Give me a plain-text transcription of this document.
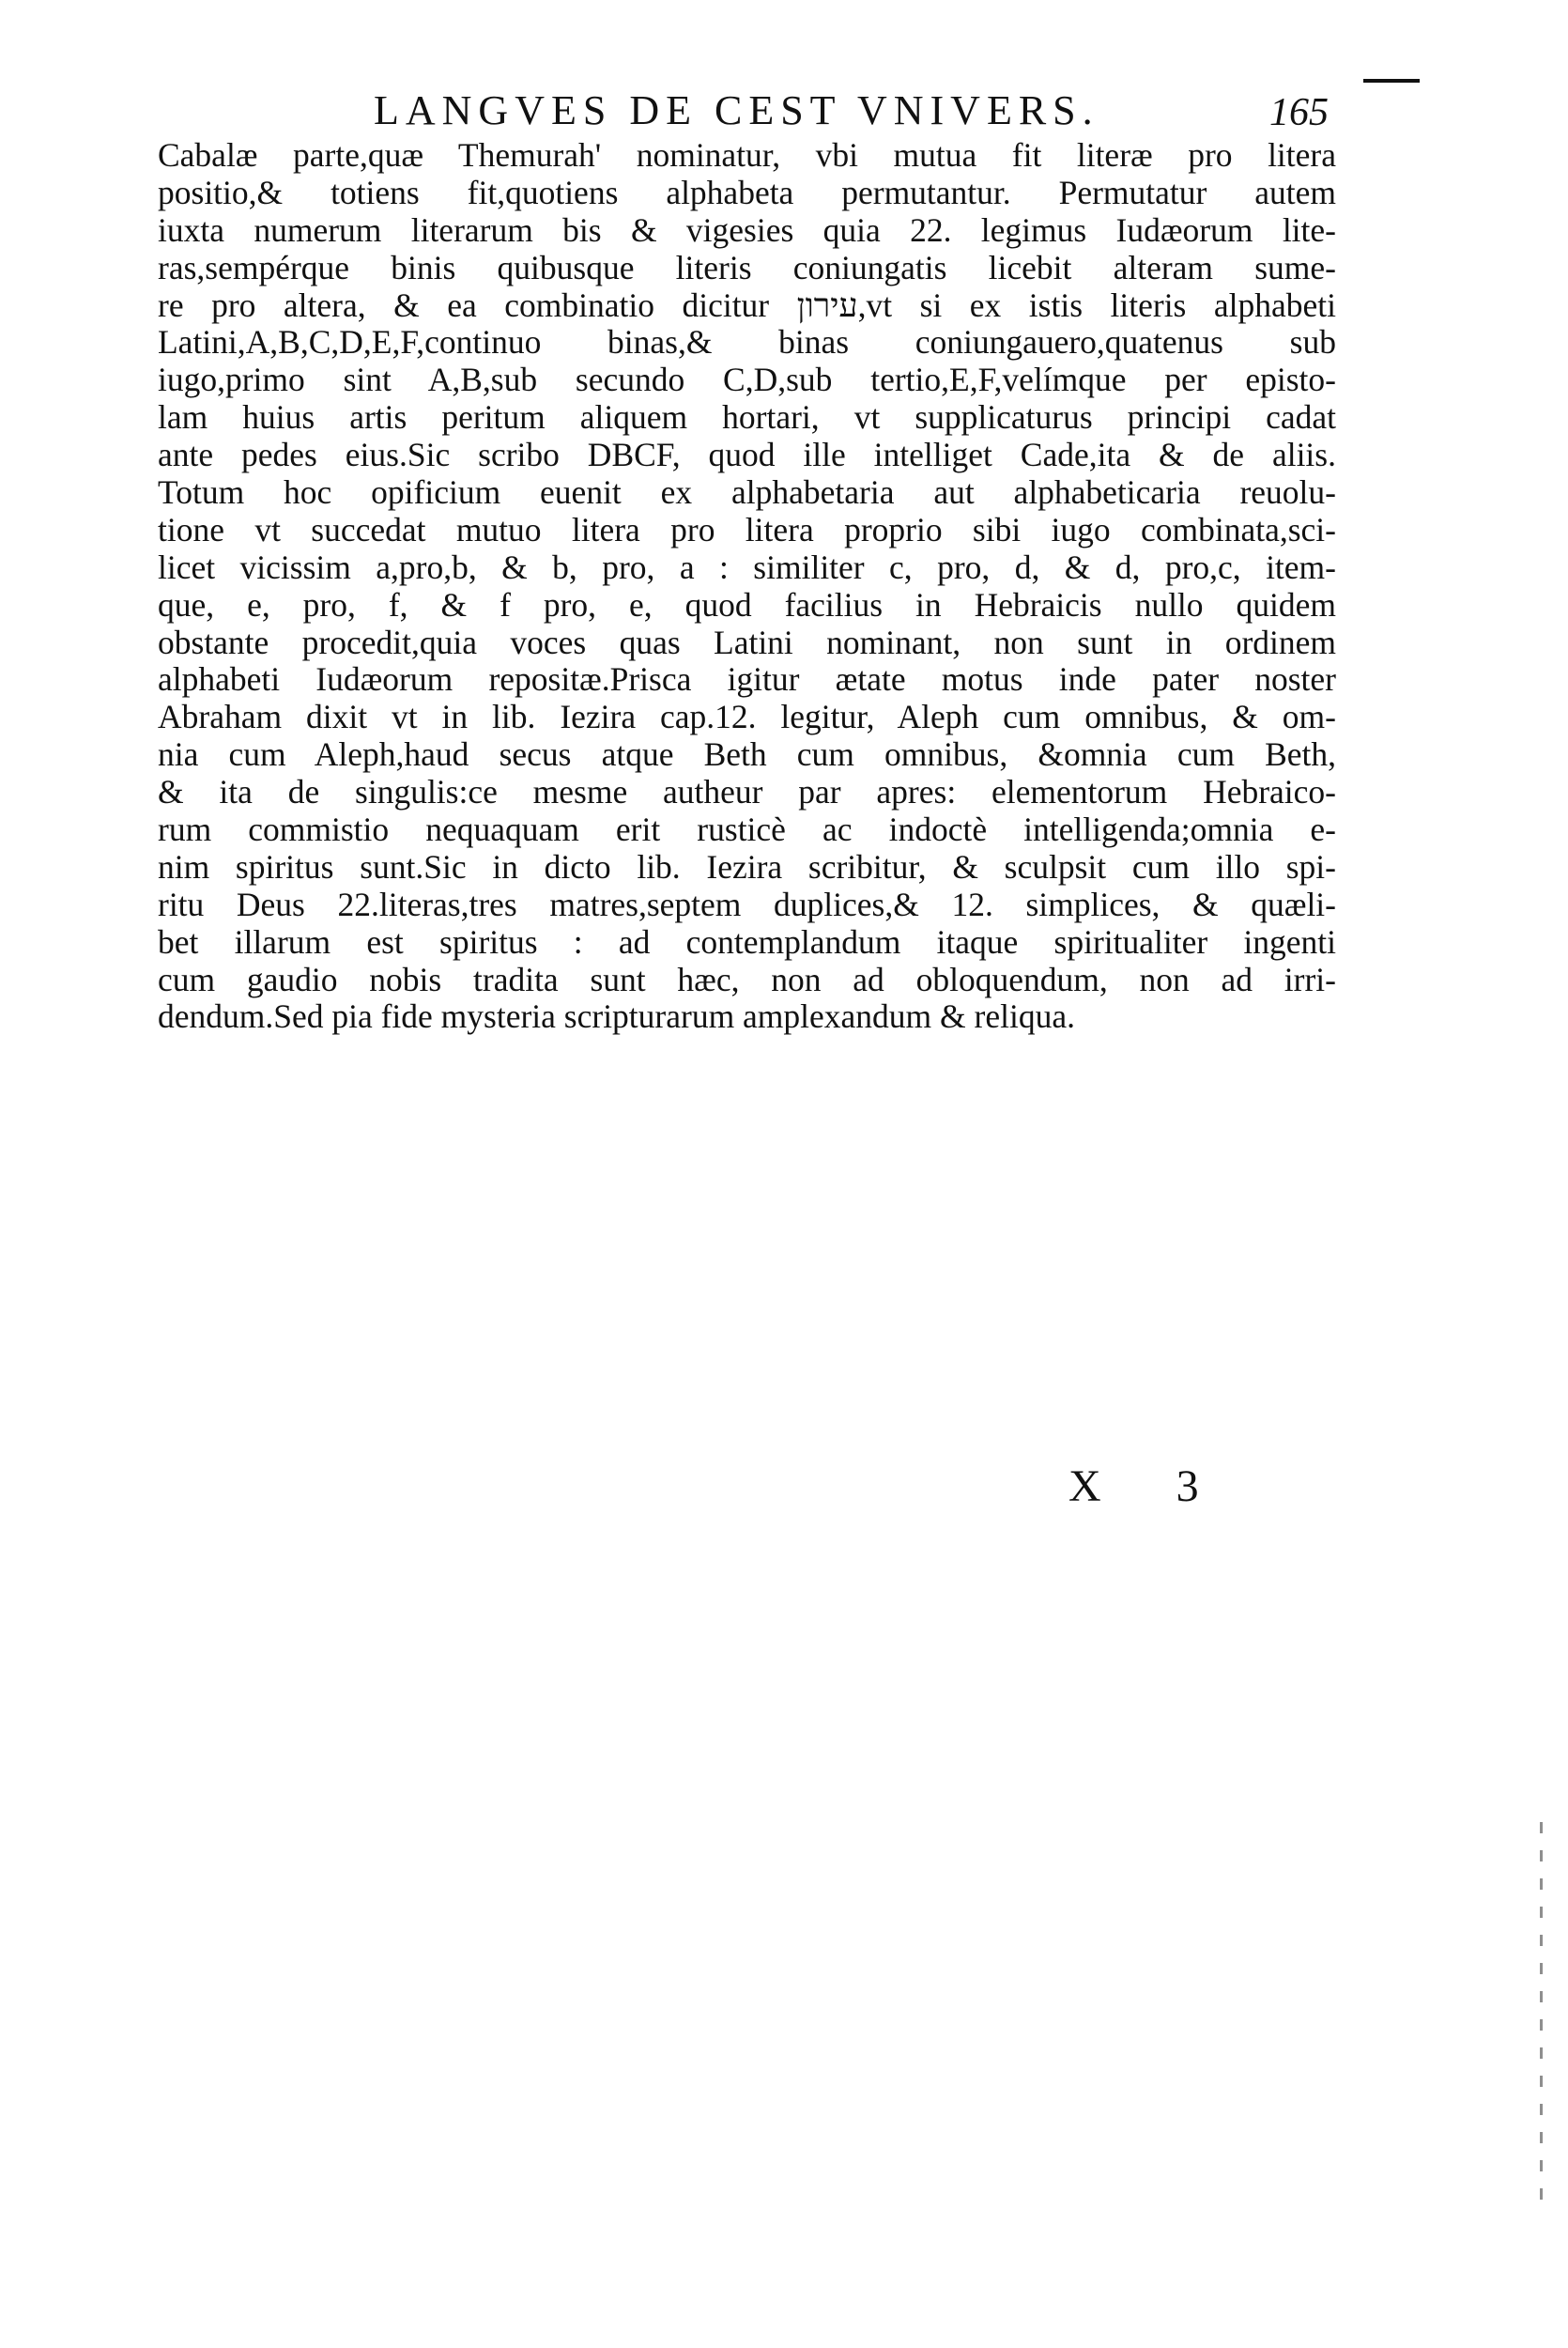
LANGVES DE CEST VNIVERS.	165
Cabalæ parte,quæ Themurah' nominatur, vbi mutua fit literæ pro litera
positio,& totiens fit,quotiens alphabeta permutantur. Permutatur autem
iuxta numerum literarum bis & vigesies quia 22. legimus Iudæorum lite-
ras,sempérque binis quibusque literis coniungatis licebit alteram sume-
re pro altera, & ea combinatio dicitur עירון,vt si ex istis literis alphabeti
Latini,A,B,C,D,E,F,continuo binas,& binas coniungauero,quatenus sub
iugo,primo sint A,B,sub secundo C,D,sub tertio,E,F,velímque per episto-
lam huius artis peritum aliquem hortari, vt supplicaturus principi cadat
ante pedes eius.Sic scribo DBCF, quod ille intelliget Cade,ita & de aliis.
Totum hoc opificium euenit ex alphabetaria aut alphabeticaria reuolu-
tione vt succedat mutuo litera pro litera proprio sibi iugo combinata,sci-
licet vicissim a,pro,b, & b, pro, a : similiter c, pro, d, & d, pro,c, item-
que, e, pro, f, & f pro, e, quod facilius in Hebraicis nullo quidem
obstante procedit,quia voces quas Latini nominant, non sunt in ordinem
alphabeti Iudæorum repositæ.Prisca igitur ætate motus inde pater noster
Abraham dixit vt in lib. Iezira cap.12. legitur, Aleph cum omnibus, & om-
nia cum Aleph,haud secus atque Beth cum omnibus, &omnia cum Beth,
& ita de singulis:ce mesme autheur par apres: elementorum Hebraico-
rum commistio nequaquam erit rusticè ac indoctè intelligenda;omnia e-
nim spiritus sunt.Sic in dicto lib. Iezira scribitur, & sculpsit cum illo spi-
ritu Deus 22.literas,tres matres,septem duplices,& 12. simplices, & quæli-
bet illarum est spiritus : ad contemplandum itaque spiritualiter ingenti
cum gaudio nobis tradita sunt hæc, non ad obloquendum, non ad irri-
dendum.Sed pia fide mysteria scripturarum amplexandum & reliqua.
X 3
